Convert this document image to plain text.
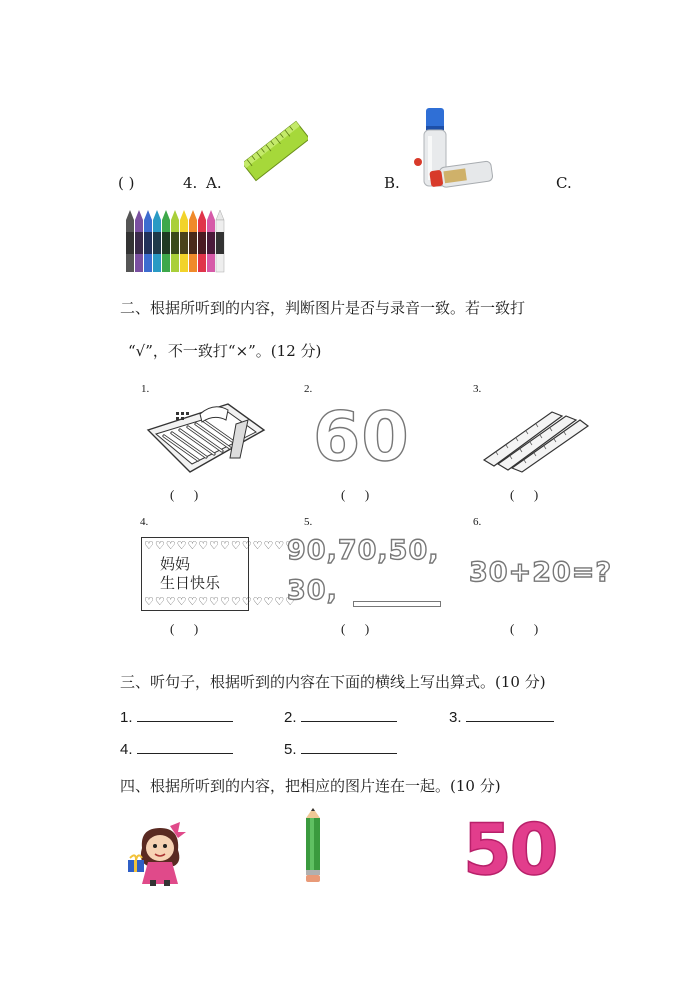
( )	4. A.	B.	C.
二、根据所听到的内容，判断图片是否与录音一致。若一致打
“√”，不一致打“×”。(12 分)
1.
(      )
2.
60
(      )
3.
(      )
4.
♡♡♡♡♡♡♡♡♡♡♡♡♡♡
妈妈
生日快乐
♡♡♡♡♡♡♡♡♡♡♡♡♡♡
(      )
5.
90,70,50,
30,
(      )
6.
30+20=?
(      )
三、听句子，根据听到的内容在下面的横线上写出算式。(10 分)
1.	2.	3.
4.	5.
四、根据所听到的内容，把相应的图片连在一起。(10 分)
50
